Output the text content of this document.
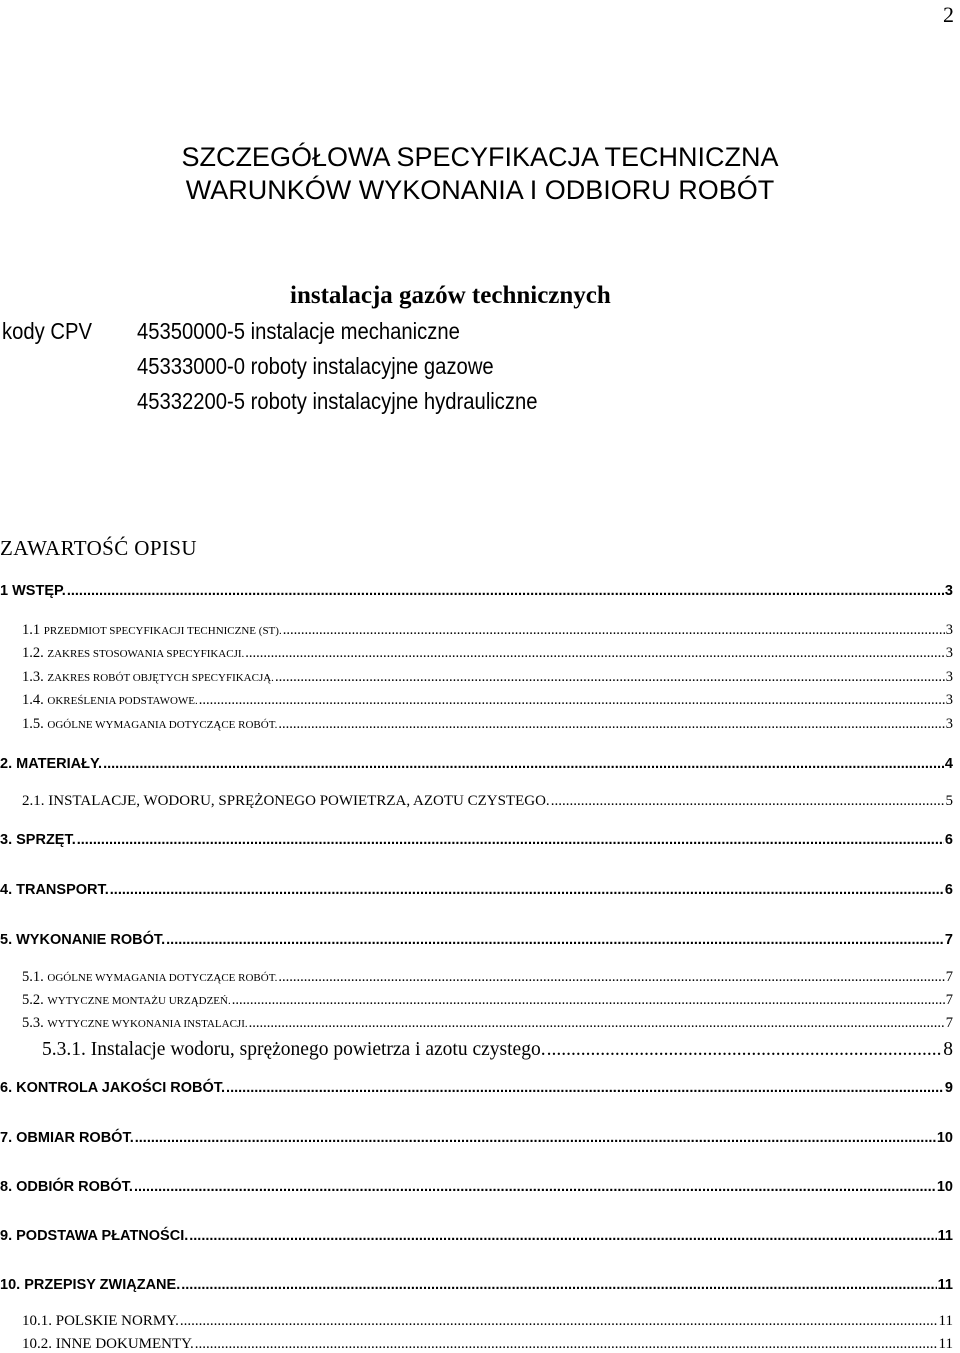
2
SZCZEGÓŁOWA SPECYFIKACJA TECHNICZNA
WARUNKÓW WYKONANIA I ODBIORU ROBÓT
instalacja gazów technicznych
kody CPV 45350000-5 instalacje mechaniczne
45333000-0 roboty instalacyjne gazowe
45332200-5 roboty instalacyjne hydrauliczne
ZAWARTOŚĆ OPISU
1 WSTĘP. .....	3
1.1 PRZEDMIOT SPECYFIKACJI TECHNICZNE (ST). .....	3
1.2. ZAKRES STOSOWANIA SPECYFIKACJI. .....	3
1.3. ZAKRES ROBÓT OBJĘTYCH SPECYFIKACJĄ. .....	3
1.4. OKREŚLENIA PODSTAWOWE. .....	3
1.5. OGÓLNE WYMAGANIA DOTYCZĄCE ROBÓT. .....	3
2. MATERIAŁY. .....	4
2.1. INSTALACJE, WODORU, SPRĘŻONEGO POWIETRZA, AZOTU CZYSTEGO. .....	5
3. SPRZĘT. .....	6
4. TRANSPORT. .....	6
5. WYKONANIE ROBÓT. .....	7
5.1. OGÓLNE WYMAGANIA DOTYCZĄCE ROBÓT. .....	7
5.2. WYTYCZNE MONTAŻU URZĄDZEŃ. .....	7
5.3. WYTYCZNE WYKONANIA INSTALACJI. .....	7
5.3.1. Instalacje wodoru, sprężonego powietrza i azotu czystego. .....	8
6. KONTROLA JAKOŚCI ROBÓT. .....	9
7. OBMIAR ROBÓT. .....	10
8. ODBIÓR ROBÓT. .....	10
9. PODSTAWA PŁATNOŚCI. .....	11
10. PRZEPISY ZWIĄZANE. .....	11
10.1. POLSKIE NORMY. .....	11
10.2. INNE DOKUMENTY. .....	11
